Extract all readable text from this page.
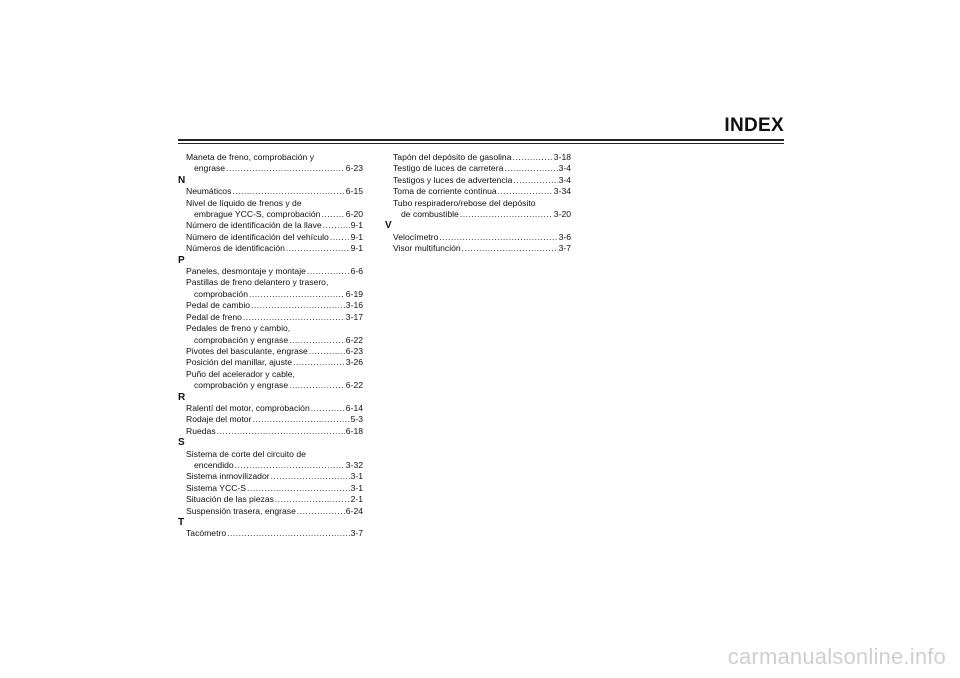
INDEX
Maneta de freno, comprobación y
engrase .....	6-23
N
Neumáticos .....	6-15
Nivel de líquido de frenos y de
embrague YCC-S, comprobación .....	6-20
Número de identificación de la llave .....	9-1
Número de identificación del vehículo .....	9-1
Números de identificación .....	9-1
P
Paneles, desmontaje y montaje .....	6-6
Pastillas de freno delantero y trasero,
comprobación .....	6-19
Pedal de cambio .....	3-16
Pedal de freno .....	3-17
Pedales de freno y cambio,
comprobación y engrase .....	6-22
Pivotes del basculante, engrase .....	6-23
Posición del manillar, ajuste .....	3-26
Puño del acelerador y cable,
comprobación y engrase .....	6-22
R
Ralentí del motor, comprobación .....	6-14
Rodaje del motor .....	5-3
Ruedas .....	6-18
S
Sistema de corte del circuito de
encendido .....	3-32
Sistema inmovilizador .....	3-1
Sistema YCC-S .....	3-1
Situación de las piezas .....	2-1
Suspensión trasera, engrase .....	6-24
T
Tacómetro .....	3-7
Tapón del depósito de gasolina .....	3-18
Testigo de luces de carretera .....	3-4
Testigos y luces de advertencia .....	3-4
Toma de corriente continua .....	3-34
Tubo respiradero/rebose del depósito
de combustible .....	3-20
V
Velocímetro .....	3-6
Visor multifunción .....	3-7
carmanualsonline.info
